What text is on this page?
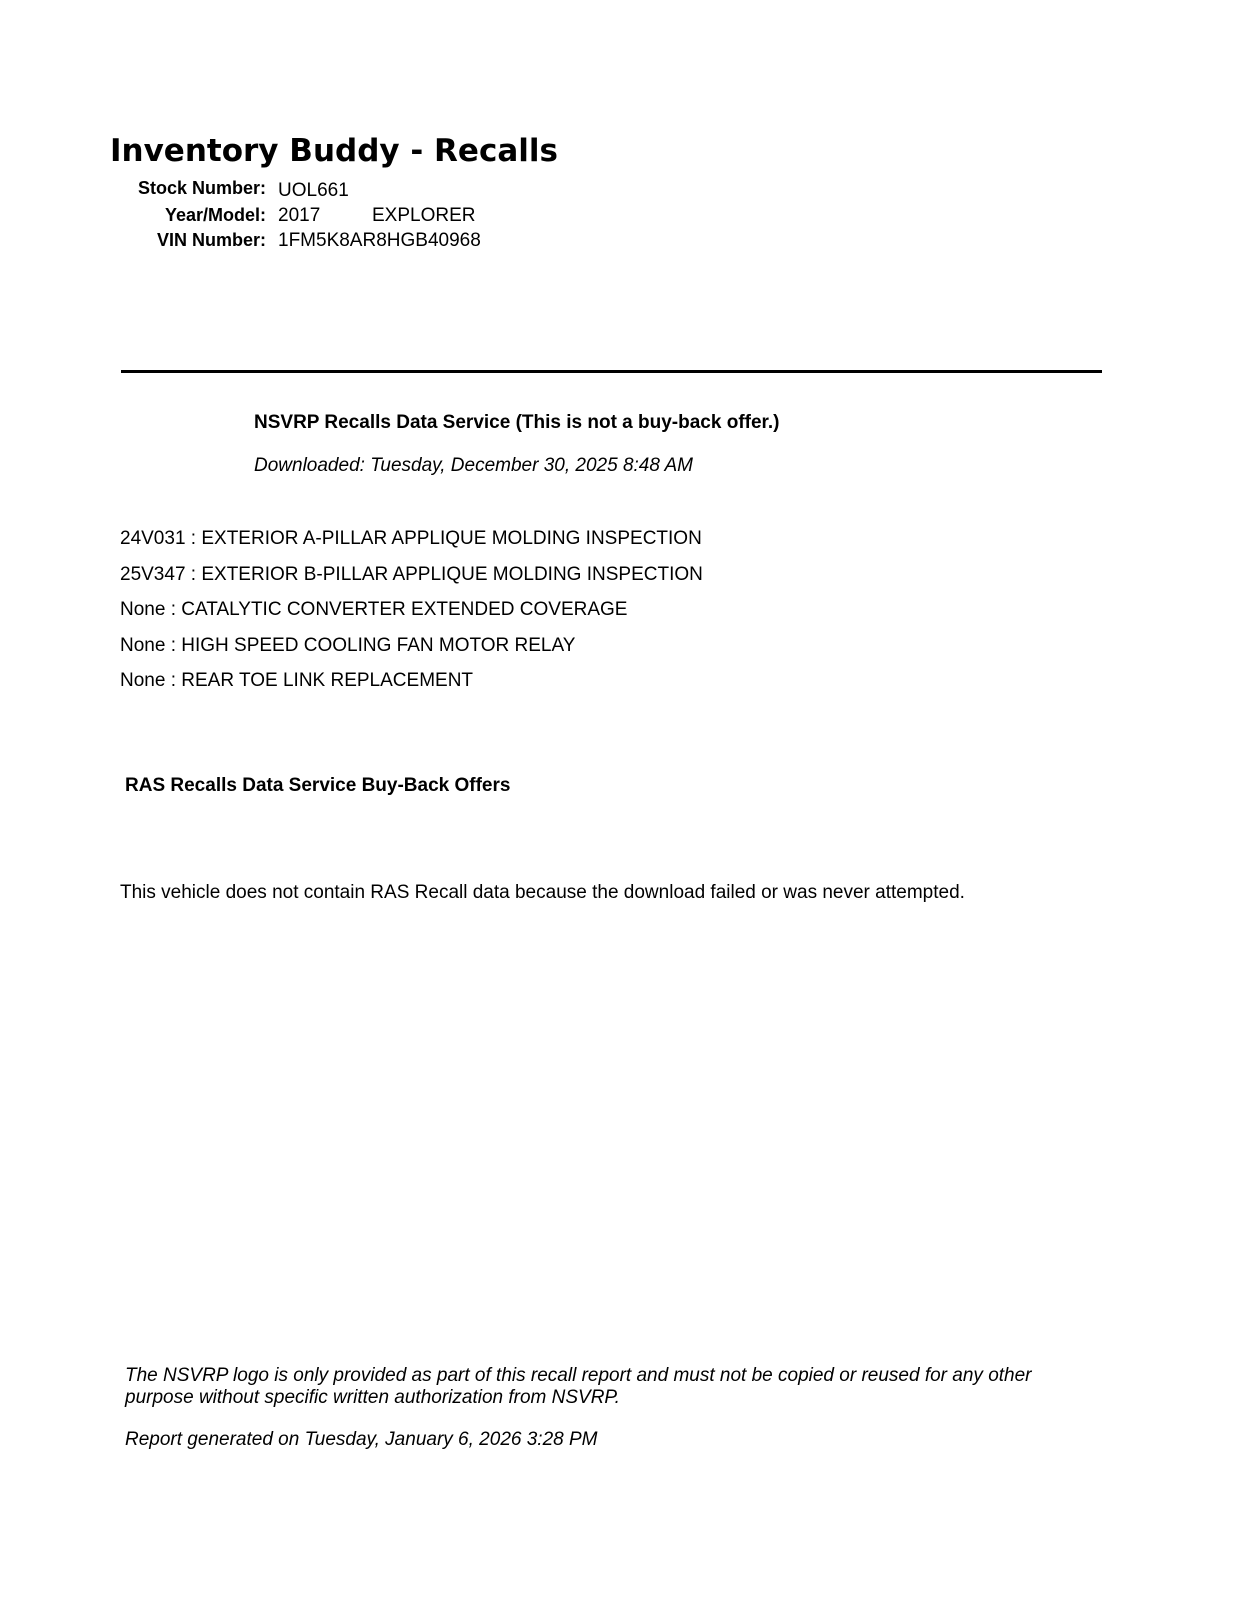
Inventory Buddy - Recalls
Stock Number: UOL661
Year/Model: 2017	EXPLORER
VIN Number: 1FM5K8AR8HGB40968
NSVRP Recalls Data Service (This is not a buy-back offer.)
Downloaded: Tuesday, December 30, 2025 8:48 AM
24V031 : EXTERIOR A-PILLAR APPLIQUE MOLDING INSPECTION
25V347 : EXTERIOR B-PILLAR APPLIQUE MOLDING INSPECTION
None : CATALYTIC CONVERTER EXTENDED COVERAGE
None : HIGH SPEED COOLING FAN MOTOR RELAY
None : REAR TOE LINK REPLACEMENT
RAS Recalls Data Service Buy-Back Offers
This vehicle does not contain RAS Recall data because the download failed or was never attempted.
The NSVRP logo is only provided as part of this recall report and must not be copied or reused for any other purpose without specific written authorization from NSVRP.
Report generated on Tuesday, January 6, 2026 3:28 PM
